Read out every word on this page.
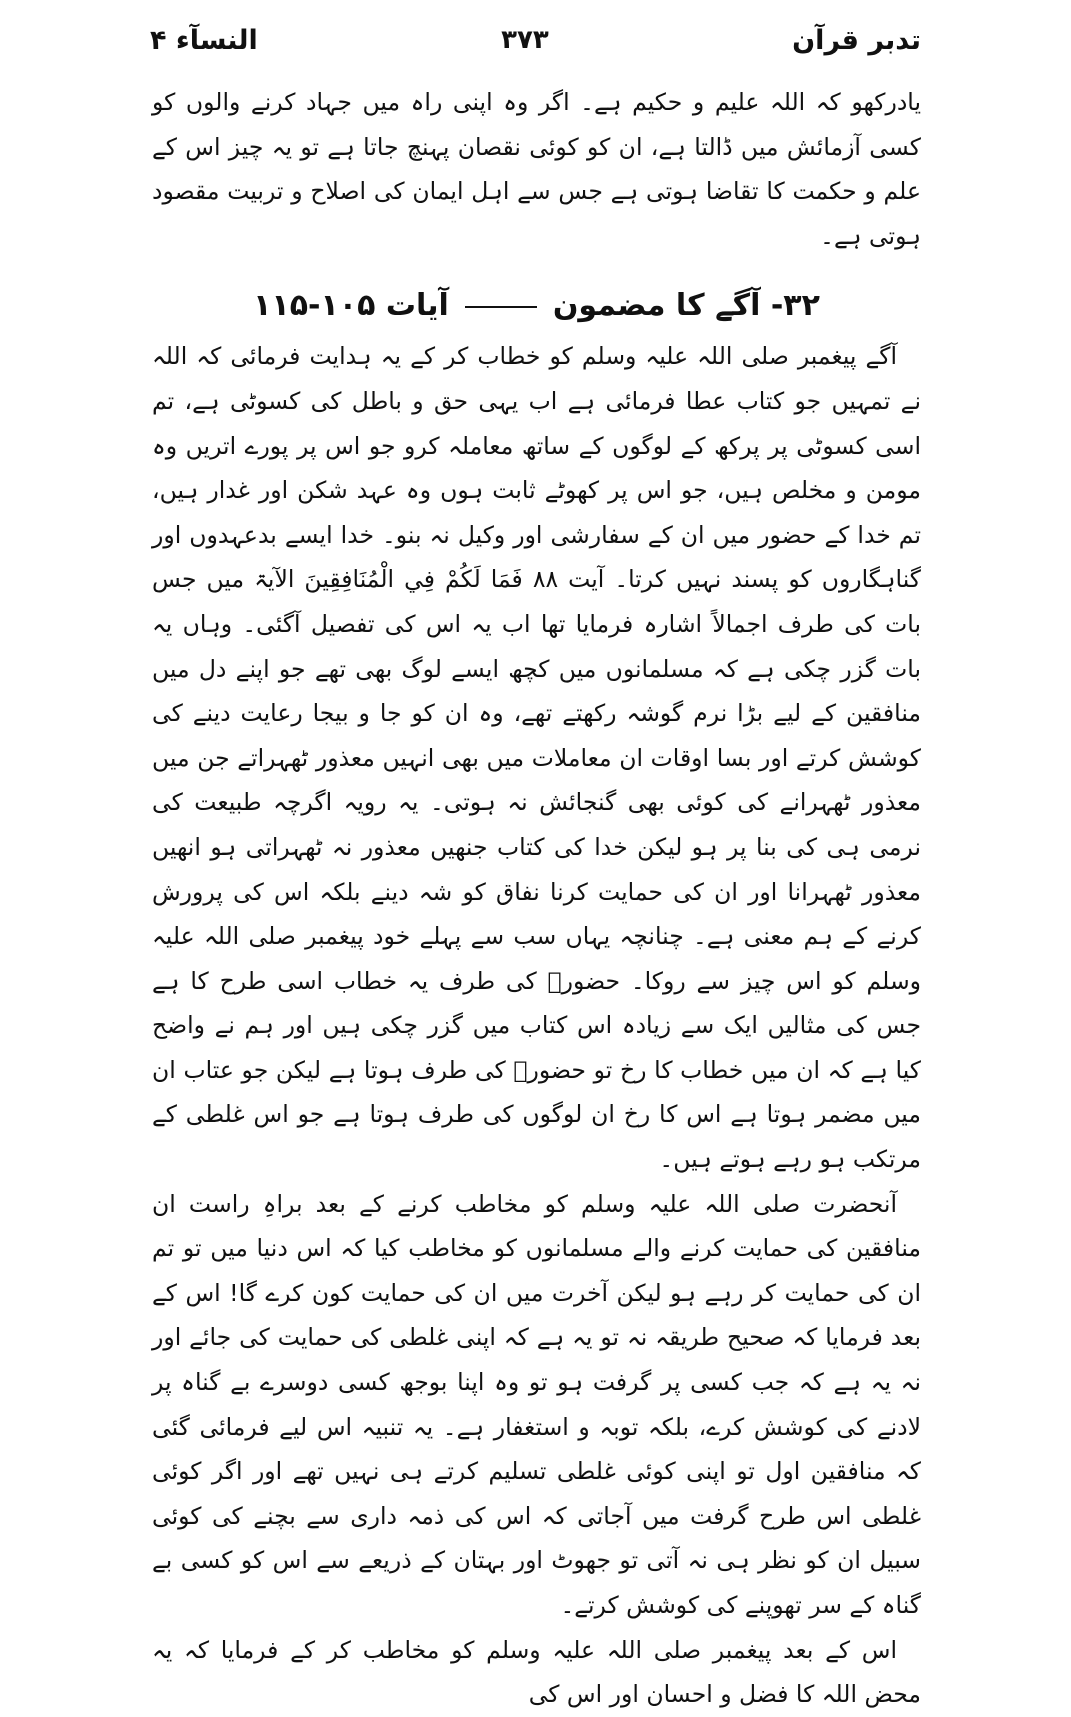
النسآء ۴	۳۷۳	تدبر قرآن

یادرکھو کہ اللہ علیم و حکیم ہے۔ اگر وہ اپنی راہ میں جہاد کرنے والوں کو کسی آزمائش میں ڈالتا ہے، ان کو کوئی نقصان پہنچ جاتا ہے تو یہ چیز اس کے علم و حکمت کا تقاضا ہوتی ہے جس سے اہل ایمان کی اصلاح و تربیت مقصود ہوتی ہے۔

۳۲- آگے کا مضمونآیات ۱۰۵-۱۱۵

آگے پیغمبر صلی اللہ علیہ وسلم کو خطاب کر کے یہ ہدایت فرمائی کہ اللہ نے تمہیں جو کتاب عطا فرمائی ہے اب یہی حق و باطل کی کسوٹی ہے، تم اسی کسوٹی پر پرکھ کے لوگوں کے ساتھ معاملہ کرو جو اس پر پورے اتریں وہ مومن و مخلص ہیں، جو اس پر کھوٹے ثابت ہوں وہ عہد شکن اور غدار ہیں، تم خدا کے حضور میں ان کے سفارشی اور وکیل نہ بنو۔ خدا ایسے بدعہدوں اور گناہگاروں کو پسند نہیں کرتا۔ آیت ۸۸ فَمَا لَكُمْ فِي الْمُنَافِقِينَ الآیۃ میں جس بات کی طرف اجمالاً اشارہ فرمایا تھا اب یہ اس کی تفصیل آگئی۔ وہاں یہ بات گزر چکی ہے کہ مسلمانوں میں کچھ ایسے لوگ بھی تھے جو اپنے دل میں منافقین کے لیے بڑا نرم گوشہ رکھتے تھے، وہ ان کو جا و بیجا رعایت دینے کی کوشش کرتے اور بسا اوقات ان معاملات میں بھی انہیں معذور ٹھہراتے جن میں معذور ٹھہرانے کی کوئی بھی گنجائش نہ ہوتی۔ یہ رویہ اگرچہ طبیعت کی نرمی ہی کی بنا پر ہو لیکن خدا کی کتاب جنھیں معذور نہ ٹھہراتی ہو انھیں معذور ٹھہرانا اور ان کی حمایت کرنا نفاق کو شہ دینے بلکہ اس کی پرورش کرنے کے ہم معنی ہے۔ چنانچہ یہاں سب سے پہلے خود پیغمبر صلی اللہ علیہ وسلم کو اس چیز سے روکا۔ حضورؐ کی طرف یہ خطاب اسی طرح کا ہے جس کی مثالیں ایک سے زیادہ اس کتاب میں گزر چکی ہیں اور ہم نے واضح کیا ہے کہ ان میں خطاب کا رخ تو حضورؐ کی طرف ہوتا ہے لیکن جو عتاب ان میں مضمر ہوتا ہے اس کا رخ ان لوگوں کی طرف ہوتا ہے جو اس غلطی کے مرتکب ہو رہے ہوتے ہیں۔

آنحضرت صلی اللہ علیہ وسلم کو مخاطب کرنے کے بعد براہِ راست ان منافقین کی حمایت کرنے والے مسلمانوں کو مخاطب کیا کہ اس دنیا میں تو تم ان کی حمایت کر رہے ہو لیکن آخرت میں ان کی حمایت کون کرے گا! اس کے بعد فرمایا کہ صحیح طریقہ نہ تو یہ ہے کہ اپنی غلطی کی حمایت کی جائے اور نہ یہ ہے کہ جب کسی پر گرفت ہو تو وہ اپنا بوجھ کسی دوسرے بے گناہ پر لادنے کی کوشش کرے، بلکہ توبہ و استغفار ہے۔ یہ تنبیہ اس لیے فرمائی گئی کہ منافقین اول تو اپنی کوئی غلطی تسلیم کرتے ہی نہیں تھے اور اگر کوئی غلطی اس طرح گرفت میں آجاتی کہ اس کی ذمہ داری سے بچنے کی کوئی سبیل ان کو نظر ہی نہ آتی تو جھوٹ اور بہتان کے ذریعے سے اس کو کسی بے گناہ کے سر تھوپنے کی کوشش کرتے۔

اس کے بعد پیغمبر صلی اللہ علیہ وسلم کو مخاطب کر کے فرمایا کہ یہ محض اللہ کا فضل و احسان اور اس کی
